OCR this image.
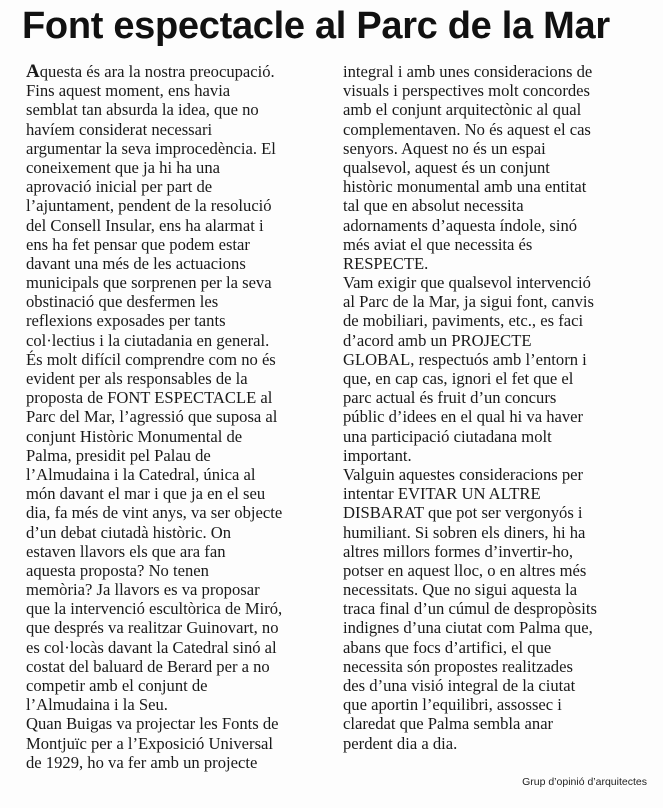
Font espectacle al Parc de la Mar
Aquesta és ara la nostra preocupació.
Fins aquest moment, ens havia
semblat tan absurda la idea, que no
havíem considerat necessari
argumentar la seva improcedència. El
coneixement que ja hi ha una
aprovació inicial per part de
l’ajuntament, pendent de la resolució
del Consell Insular, ens ha alarmat i
ens ha fet pensar que podem estar
davant una més de les actuacions
municipals que sorprenen per la seva
obstinació que desfermen les
reflexions exposades per tants
col·lectius i la ciutadania en general.
És molt difícil comprendre com no és
evident per als responsables de la
proposta de FONT ESPECTACLE al
Parc del Mar, l’agressió que suposa al
conjunt Històric Monumental de
Palma, presidit pel Palau de
l’Almudaina i la Catedral, única al
món davant el mar i que ja en el seu
dia, fa més de vint anys, va ser objecte
d’un debat ciutadà històric. On
estaven llavors els que ara fan
aquesta proposta? No tenen
memòria? Ja llavors es va proposar
que la intervenció escultòrica de Miró,
que després va realitzar Guinovart, no
es col·locàs davant la Catedral sinó al
costat del baluard de Berard per a no
competir amb el conjunt de
l’Almudaina i la Seu.
Quan Buigas va projectar les Fonts de
Montjuïc per a l’Exposició Universal
de 1929, ho va fer amb un projecte
integral i amb unes consideracions de
visuals i perspectives molt concordes
amb el conjunt arquitectònic al qual
complementaven. No és aquest el cas
senyors. Aquest no és un espai
qualsevol, aquest és un conjunt
històric monumental amb una entitat
tal que en absolut necessita
adornaments d’aquesta índole, sinó
més aviat el que necessita és
RESPECTE.
Vam exigir que qualsevol intervenció
al Parc de la Mar, ja sigui font, canvis
de mobiliari, paviments, etc., es faci
d’acord amb un PROJECTE
GLOBAL, respectuós amb l’entorn i
que, en cap cas, ignori el fet que el
parc actual és fruit d’un concurs
públic d’idees en el qual hi va haver
una participació ciutadana molt
important.
Valguin aquestes consideracions per
intentar EVITAR UN ALTRE
DISBARAT que pot ser vergonyós i
humiliant. Si sobren els diners, hi ha
altres millors formes d’invertir-ho,
potser en aquest lloc, o en altres més
necessitats. Que no sigui aquesta la
traca final d’un cúmul de despropòsits
indignes d’una ciutat com Palma que,
abans que focs d’artifici, el que
necessita són propostes realitzades
des d’una visió integral de la ciutat
que aportin l’equilibri, assossec i
claredat que Palma sembla anar
perdent dia a dia.
Grup d’opinió d’arquitectes
